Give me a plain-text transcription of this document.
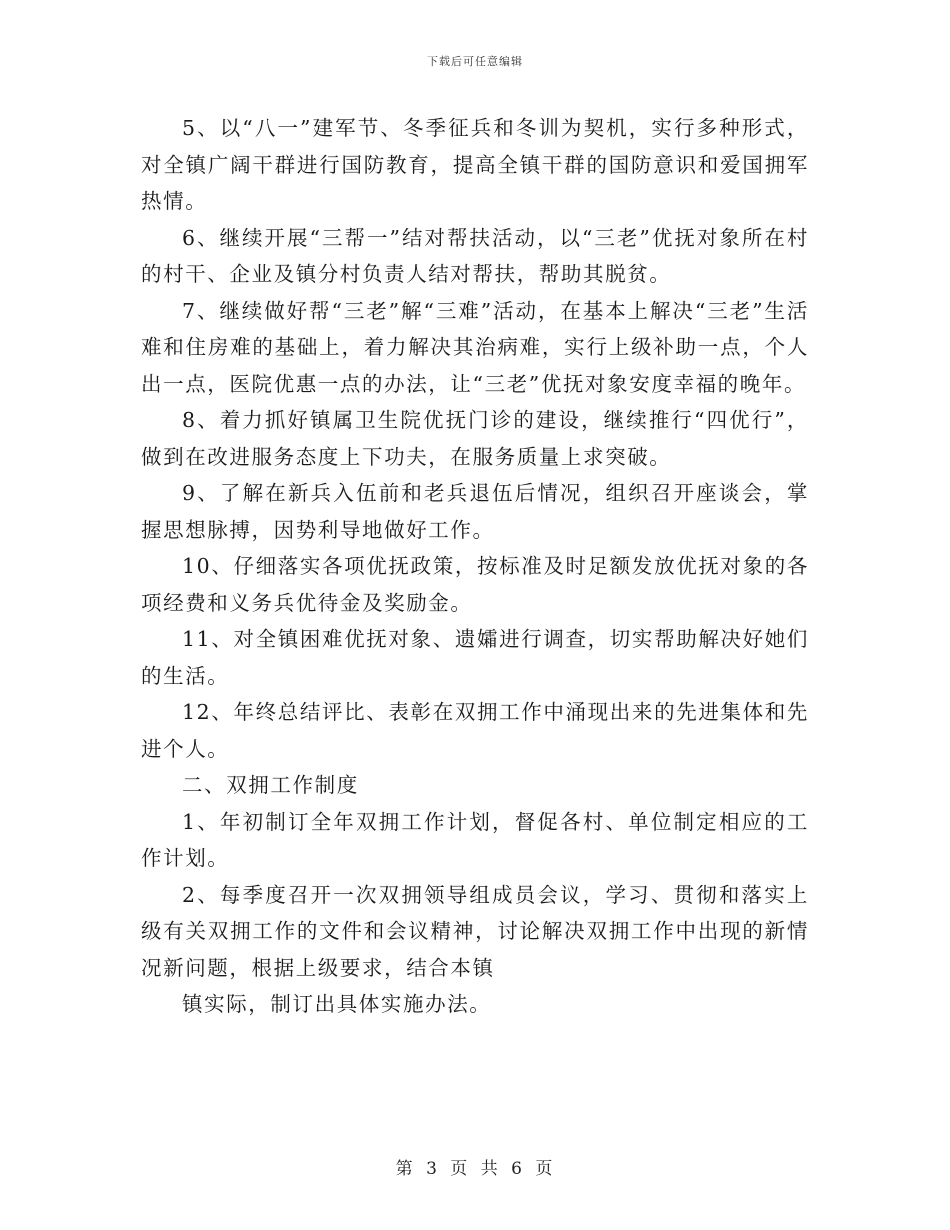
下载后可任意编辑

5、以“八一”建军节、冬季征兵和冬训为契机，实行多种形式，对全镇广阔干群进行国防教育，提高全镇干群的国防意识和爱国拥军热情。

6、继续开展“三帮一”结对帮扶活动，以“三老”优抚对象所在村的村干、企业及镇分村负责人结对帮扶，帮助其脱贫。

7、继续做好帮“三老”解“三难”活动，在基本上解决“三老”生活难和住房难的基础上，着力解决其治病难，实行上级补助一点，个人出一点，医院优惠一点的办法，让“三老”优抚对象安度幸福的晚年。

8、着力抓好镇属卫生院优抚门诊的建设，继续推行“四优行”，做到在改进服务态度上下功夫，在服务质量上求突破。

9、了解在新兵入伍前和老兵退伍后情况，组织召开座谈会，掌握思想脉搏，因势利导地做好工作。

10、仔细落实各项优抚政策，按标准及时足额发放优抚对象的各项经费和义务兵优待金及奖励金。

11、对全镇困难优抚对象、遗孀进行调查，切实帮助解决好她们的生活。

12、年终总结评比、表彰在双拥工作中涌现出来的先进集体和先进个人。

二、双拥工作制度

1、年初制订全年双拥工作计划，督促各村、单位制定相应的工作计划。

2、每季度召开一次双拥领导组成员会议，学习、贯彻和落实上级有关双拥工作的文件和会议精神，讨论解决双拥工作中出现的新情况新问题，根据上级要求，结合本镇

镇实际，制订出具体实施办法。

第 3 页 共 6 页
